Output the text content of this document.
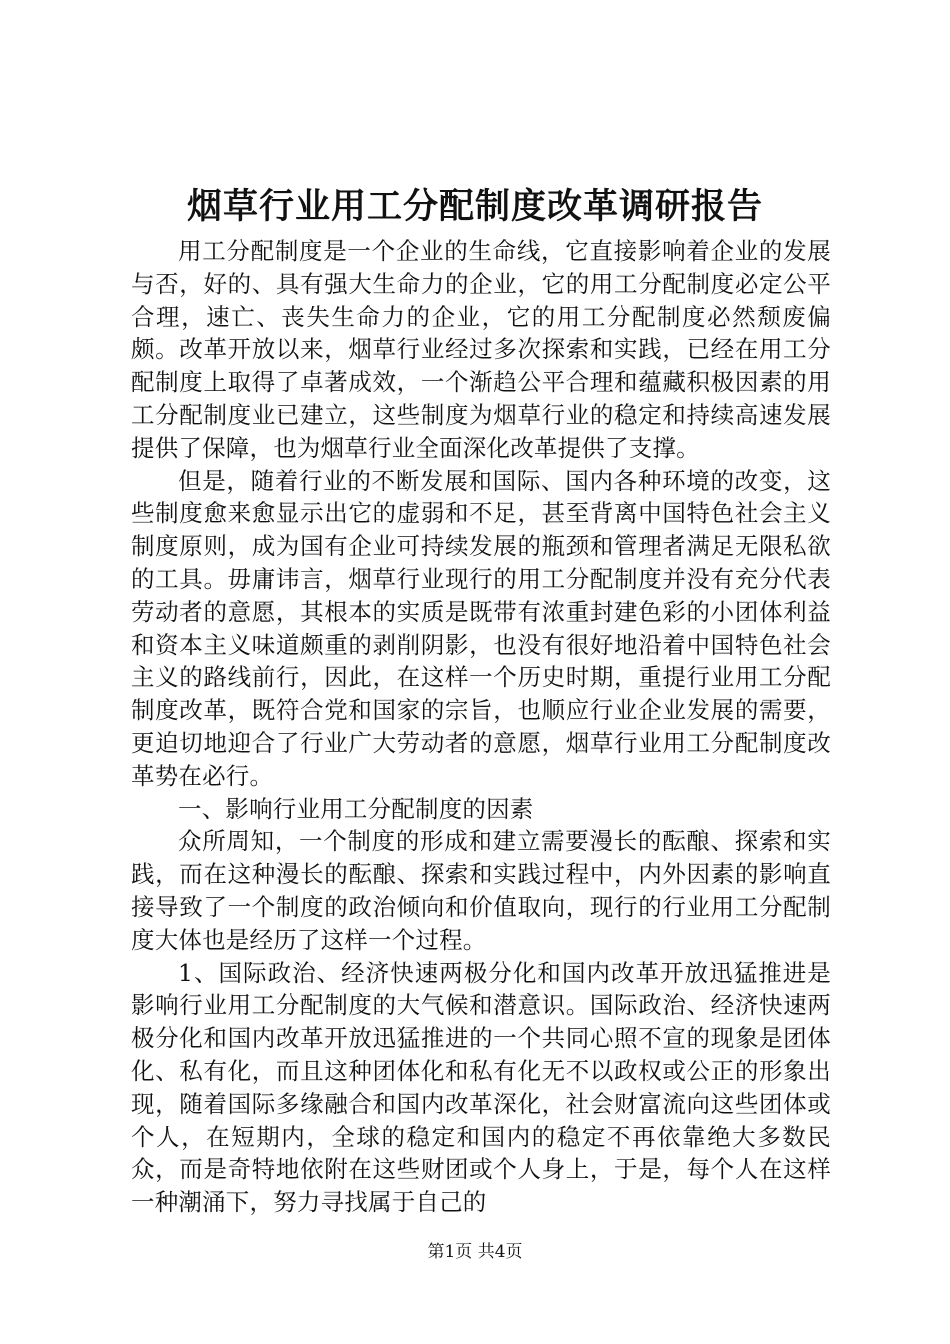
烟草行业用工分配制度改革调研报告

用工分配制度是一个企业的生命线，它直接影响着企业的发展与否，好的、具有强大生命力的企业，它的用工分配制度必定公平合理，速亡、丧失生命力的企业，它的用工分配制度必然颓废偏颇。改革开放以来，烟草行业经过多次探索和实践，已经在用工分配制度上取得了卓著成效，一个渐趋公平合理和蕴藏积极因素的用工分配制度业已建立，这些制度为烟草行业的稳定和持续高速发展提供了保障，也为烟草行业全面深化改革提供了支撑。

但是，随着行业的不断发展和国际、国内各种环境的改变，这些制度愈来愈显示出它的虚弱和不足，甚至背离中国特色社会主义制度原则，成为国有企业可持续发展的瓶颈和管理者满足无限私欲的工具。毋庸讳言，烟草行业现行的用工分配制度并没有充分代表劳动者的意愿，其根本的实质是既带有浓重封建色彩的小团体利益和资本主义味道颇重的剥削阴影，也没有很好地沿着中国特色社会主义的路线前行，因此，在这样一个历史时期，重提行业用工分配制度改革，既符合党和国家的宗旨，也顺应行业企业发展的需要，更迫切地迎合了行业广大劳动者的意愿，烟草行业用工分配制度改革势在必行。

一、影响行业用工分配制度的因素

众所周知，一个制度的形成和建立需要漫长的酝酿、探索和实践，而在这种漫长的酝酿、探索和实践过程中，内外因素的影响直接导致了一个制度的政治倾向和价值取向，现行的行业用工分配制度大体也是经历了这样一个过程。

1、国际政治、经济快速两极分化和国内改革开放迅猛推进是影响行业用工分配制度的大气候和潜意识。国际政治、经济快速两极分化和国内改革开放迅猛推进的一个共同心照不宣的现象是团体化、私有化，而且这种团体化和私有化无不以政权或公正的形象出现，随着国际多缘融合和国内改革深化，社会财富流向这些团体或个人，在短期内，全球的稳定和国内的稳定不再依靠绝大多数民众，而是奇特地依附在这些财团或个人身上，于是，每个人在这样一种潮涌下，努力寻找属于自己的

第1页 共4页
